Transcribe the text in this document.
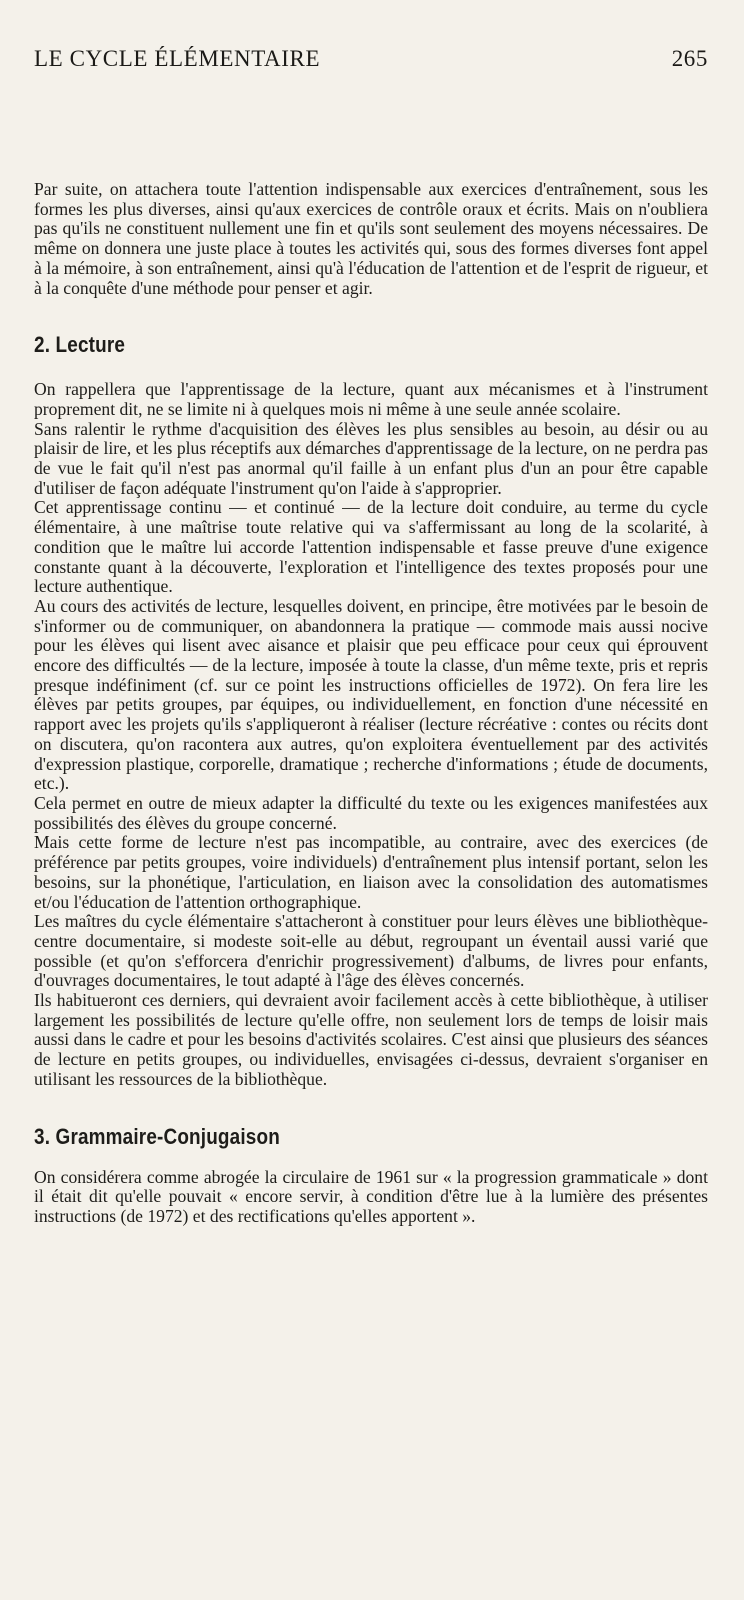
LE CYCLE ÉLÉMENTAIRE	265

Par suite, on attachera toute l'attention indispensable aux exercices d'entraînement, sous les formes les plus diverses, ainsi qu'aux exercices de contrôle oraux et écrits. Mais on n'oubliera pas qu'ils ne constituent nullement une fin et qu'ils sont seulement des moyens nécessaires. De même on donnera une juste place à toutes les activités qui, sous des formes diverses font appel à la mémoire, à son entraînement, ainsi qu'à l'éducation de l'attention et de l'esprit de rigueur, et à la conquête d'une méthode pour penser et agir.

2. Lecture

On rappellera que l'apprentissage de la lecture, quant aux mécanismes et à l'instrument proprement dit, ne se limite ni à quelques mois ni même à une seule année scolaire.

Sans ralentir le rythme d'acquisition des élèves les plus sensibles au besoin, au désir ou au plaisir de lire, et les plus réceptifs aux démarches d'apprentissage de la lecture, on ne perdra pas de vue le fait qu'il n'est pas anormal qu'il faille à un enfant plus d'un an pour être capable d'utiliser de façon adéquate l'instrument qu'on l'aide à s'approprier.

Cet apprentissage continu — et continué — de la lecture doit conduire, au terme du cycle élémentaire, à une maîtrise toute relative qui va s'affermissant au long de la scolarité, à condition que le maître lui accorde l'attention indispensable et fasse preuve d'une exigence constante quant à la découverte, l'exploration et l'intelligence des textes proposés pour une lecture authentique.

Au cours des activités de lecture, lesquelles doivent, en principe, être motivées par le besoin de s'informer ou de communiquer, on abandonnera la pratique — commode mais aussi nocive pour les élèves qui lisent avec aisance et plaisir que peu efficace pour ceux qui éprouvent encore des difficultés — de la lecture, imposée à toute la classe, d'un même texte, pris et repris presque indéfiniment (cf. sur ce point les instructions officielles de 1972). On fera lire les élèves par petits groupes, par équipes, ou individuellement, en fonction d'une nécessité en rapport avec les projets qu'ils s'appliqueront à réaliser (lecture récréative : contes ou récits dont on discutera, qu'on racontera aux autres, qu'on exploitera éventuellement par des activités d'expression plastique, corporelle, dramatique ; recherche d'informations ; étude de documents, etc.).

Cela permet en outre de mieux adapter la difficulté du texte ou les exigences manifestées aux possibilités des élèves du groupe concerné.

Mais cette forme de lecture n'est pas incompatible, au contraire, avec des exercices (de préférence par petits groupes, voire individuels) d'entraînement plus intensif portant, selon les besoins, sur la phonétique, l'articulation, en liaison avec la consolidation des automatismes et/ou l'éducation de l'attention orthographique.

Les maîtres du cycle élémentaire s'attacheront à constituer pour leurs élèves une bibliothèque-centre documentaire, si modeste soit-elle au début, regroupant un éventail aussi varié que possible (et qu'on s'efforcera d'enrichir progressivement) d'albums, de livres pour enfants, d'ouvrages documentaires, le tout adapté à l'âge des élèves concernés.

Ils habitueront ces derniers, qui devraient avoir facilement accès à cette bibliothèque, à utiliser largement les possibilités de lecture qu'elle offre, non seulement lors de temps de loisir mais aussi dans le cadre et pour les besoins d'activités scolaires. C'est ainsi que plusieurs des séances de lecture en petits groupes, ou individuelles, envisagées ci-dessus, devraient s'organiser en utilisant les ressources de la bibliothèque.

3. Grammaire-Conjugaison

On considérera comme abrogée la circulaire de 1961 sur « la progression grammaticale » dont il était dit qu'elle pouvait « encore servir, à condition d'être lue à la lumière des présentes instructions (de 1972) et des rectifications qu'elles apportent ».
